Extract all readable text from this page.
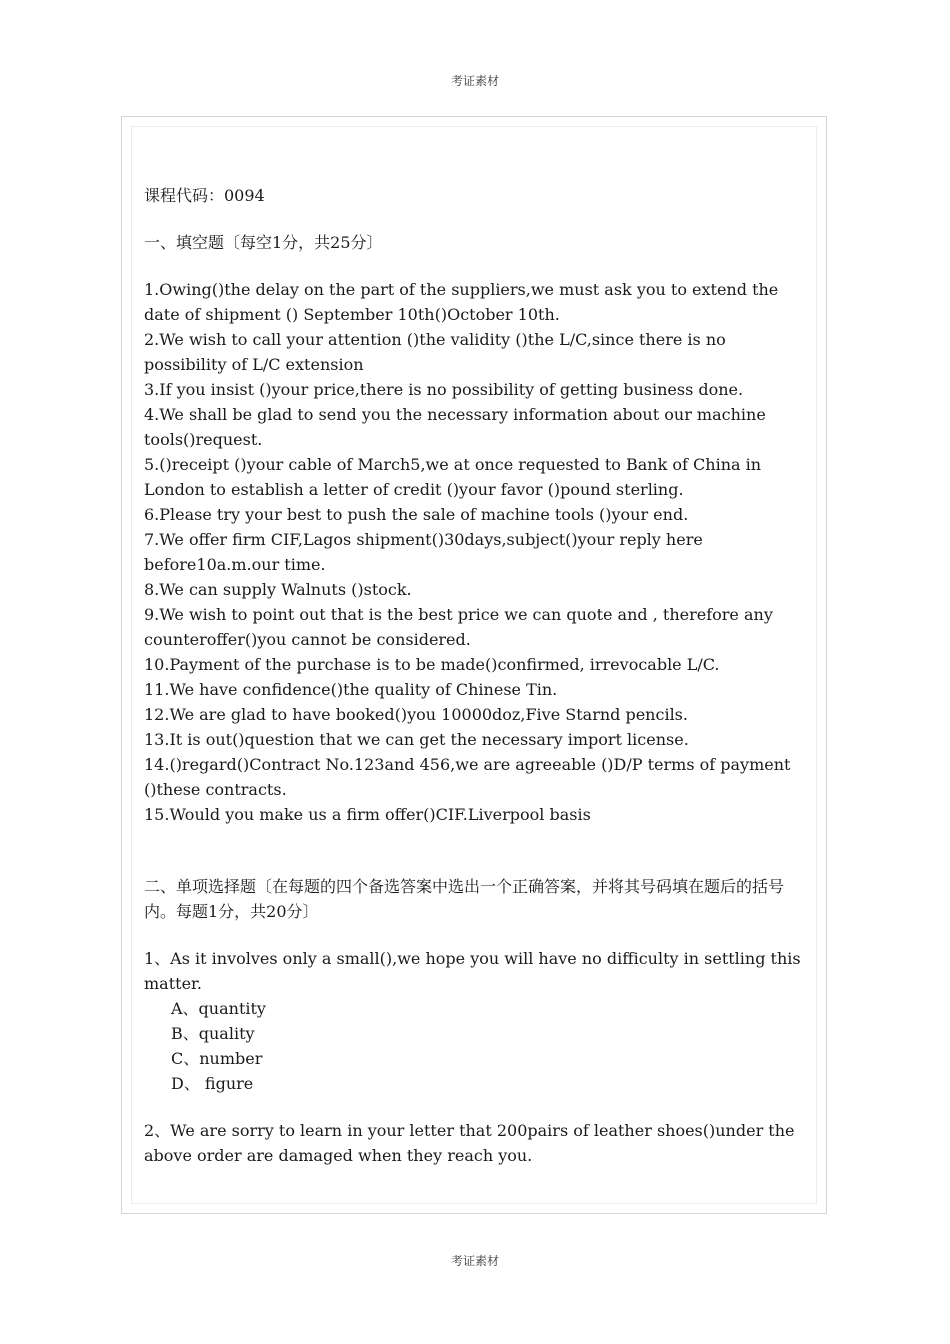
考证素材

课程代码：0094

一、填空题〔每空1分，共25分〕

1.Owing()the delay on the part of the suppliers,we must ask you to extend the date of shipment () September 10th()October 10th.

2.We wish to call your attention ()the validity ()the L/C,since there is no possibility of L/C extension

3.If you insist ()your price,there is no possibility of getting business done.

4.We shall be glad to send you the necessary information about our machine tools()request.

5.()receipt ()your cable of March5,we at once requested to Bank of China in London to establish a letter of credit ()your favor ()pound sterling.

6.Please try your best to push the sale of machine tools ()your end.

7.We offer firm CIF,Lagos shipment()30days,subject()your reply here before10a.m.our time.

8.We can supply Walnuts ()stock.

9.We wish to point out that is the best price we can quote and , therefore any counteroffer()you cannot be considered.

10.Payment of the purchase is to be made()confirmed, irrevocable L/C.

11.We have confidence()the quality of Chinese Tin.

12.We are glad to have booked()you 10000doz,Five Starnd pencils.

13.It is out()question that we can get the necessary import license.

14.()regard()Contract No.123and 456,we are agreeable ()D/P terms of payment ()these contracts.

15.Would you make us a firm offer()CIF.Liverpool basis

二、单项选择题〔在每题的四个备选答案中选出一个正确答案，并将其号码填在题后的括号内。每题1分，共20分〕

1、As it involves only a small(),we hope you will have no difficulty in settling this matter.

A、quantity
B、quality
C、number
D、 figure

2、We are sorry to learn in your letter that 200pairs of leather shoes()under the above order are damaged when they reach you.

考证素材
